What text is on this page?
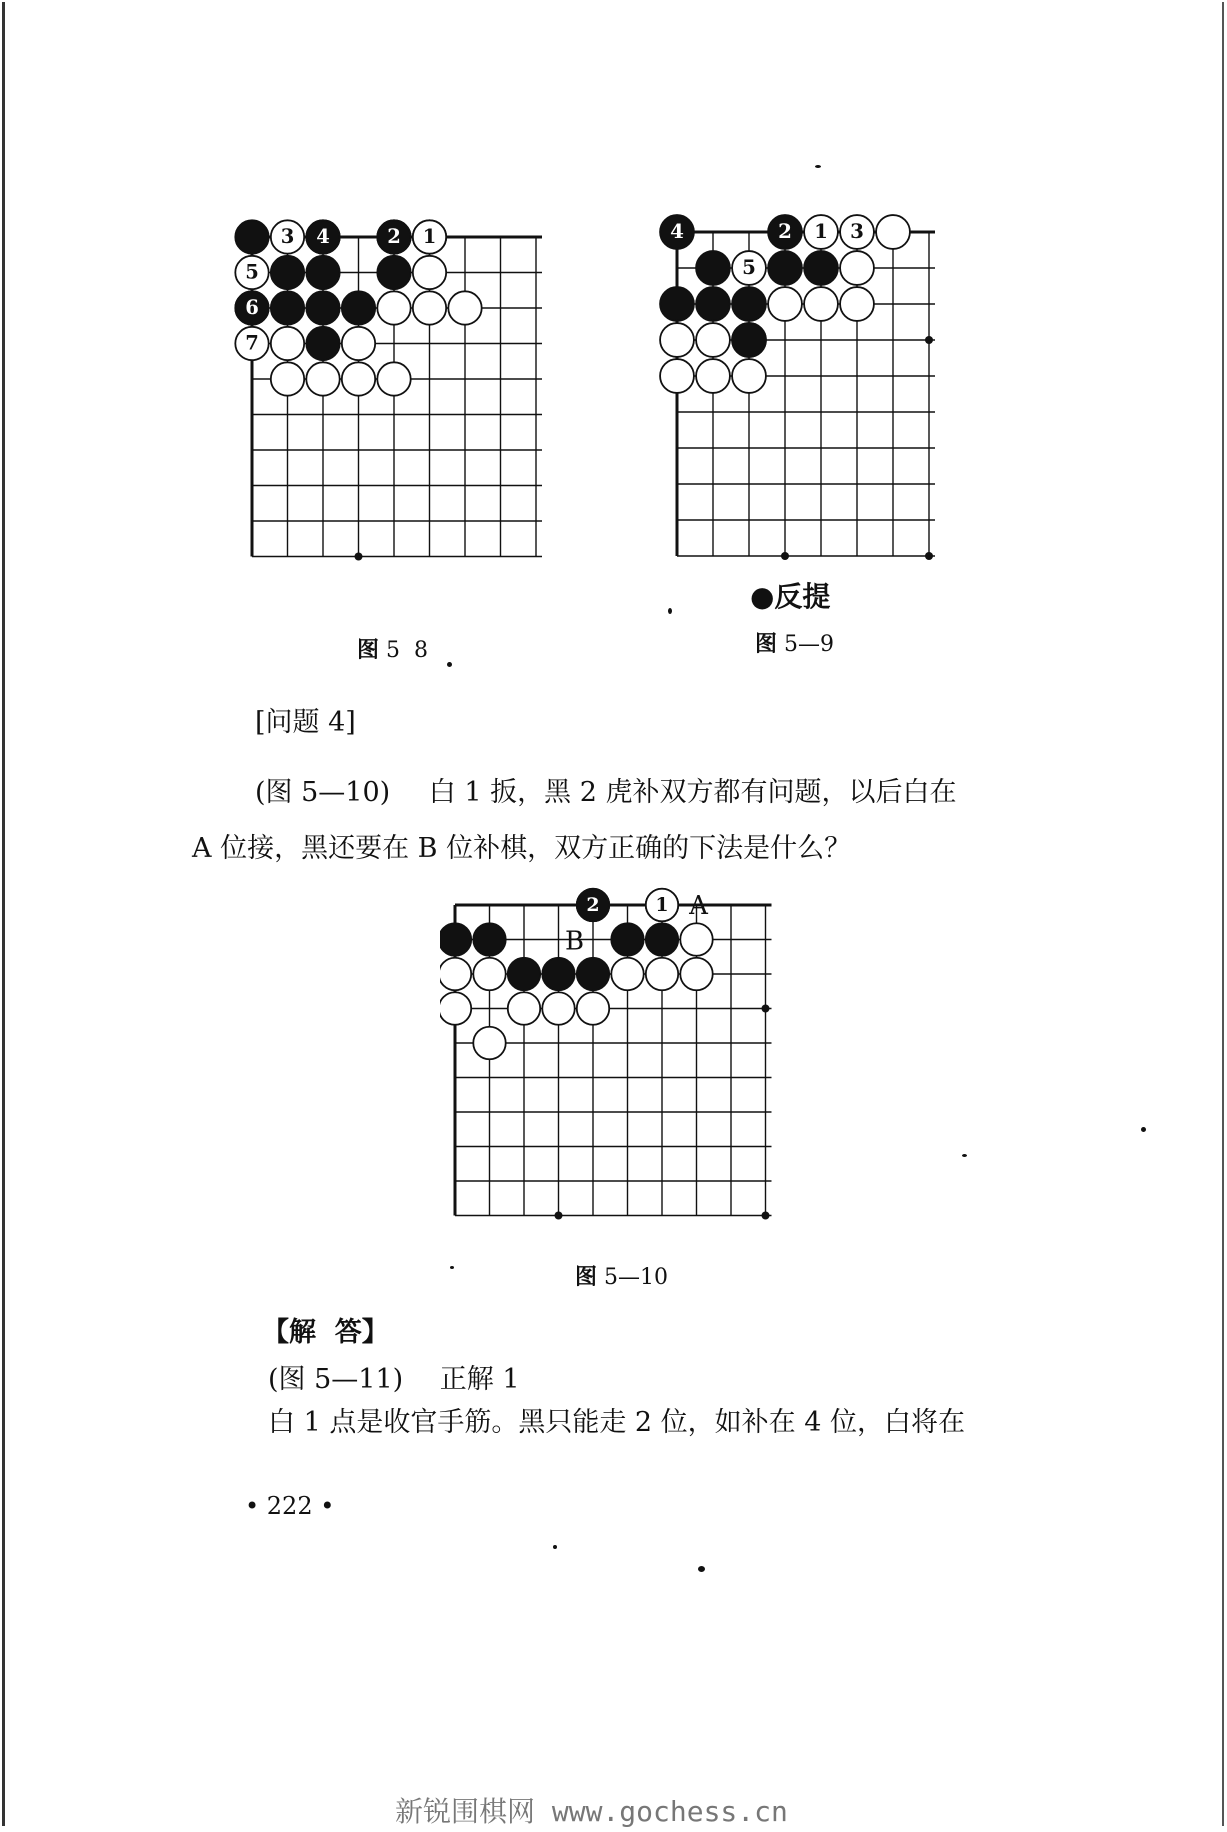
3 4	2 1
5
6
7
图 5  8
4	2 1 3
5
●反提
图 5—9
[问题 4]
(图 5—10) 白 1 扳，黑 2 虎补双方都有问题，以后白在
A 位接，黑还要在 B 位补棋，双方正确的下法是什么？
2	1 A
B
图 5—10
【解  答】
(图 5—11) 正解 1
白 1 点是收官手筋。黑只能走 2 位，如补在 4 位，白将在
• 222 •
新锐围棋网 www.gochess.cn
